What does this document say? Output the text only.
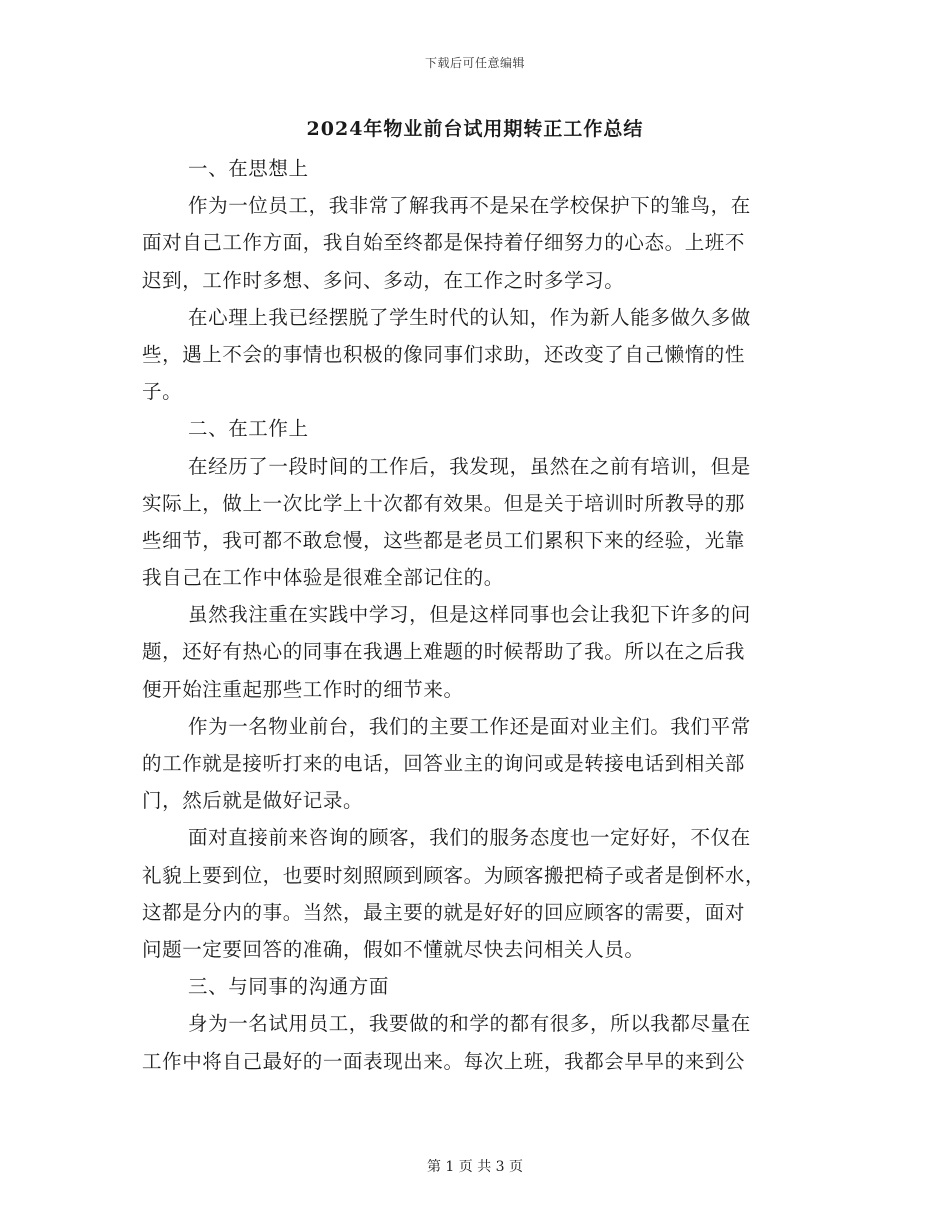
下载后可任意编辑
2024年物业前台试用期转正工作总结
一、在思想上
作为一位员工，我非常了解我再不是呆在学校保护下的雏鸟，在
面对自己工作方面，我自始至终都是保持着仔细努力的心态。上班不
迟到，工作时多想、多问、多动，在工作之时多学习。
在心理上我已经摆脱了学生时代的认知，作为新人能多做久多做
些，遇上不会的事情也积极的像同事们求助，还改变了自己懒惰的性
子。
二、在工作上
在经历了一段时间的工作后，我发现，虽然在之前有培训，但是
实际上，做上一次比学上十次都有效果。但是关于培训时所教导的那
些细节，我可都不敢怠慢，这些都是老员工们累积下来的经验，光靠
我自己在工作中体验是很难全部记住的。
虽然我注重在实践中学习，但是这样同事也会让我犯下许多的问
题，还好有热心的同事在我遇上难题的时候帮助了我。所以在之后我
便开始注重起那些工作时的细节来。
作为一名物业前台，我们的主要工作还是面对业主们。我们平常
的工作就是接听打来的电话，回答业主的询问或是转接电话到相关部
门，然后就是做好记录。
面对直接前来咨询的顾客，我们的服务态度也一定好好，不仅在
礼貌上要到位，也要时刻照顾到顾客。为顾客搬把椅子或者是倒杯水，
这都是分内的事。当然，最主要的就是好好的回应顾客的需要，面对
问题一定要回答的准确，假如不懂就尽快去问相关人员。
三、与同事的沟通方面
身为一名试用员工，我要做的和学的都有很多，所以我都尽量在
工作中将自己最好的一面表现出来。每次上班，我都会早早的来到公
第 1 页 共 3 页
